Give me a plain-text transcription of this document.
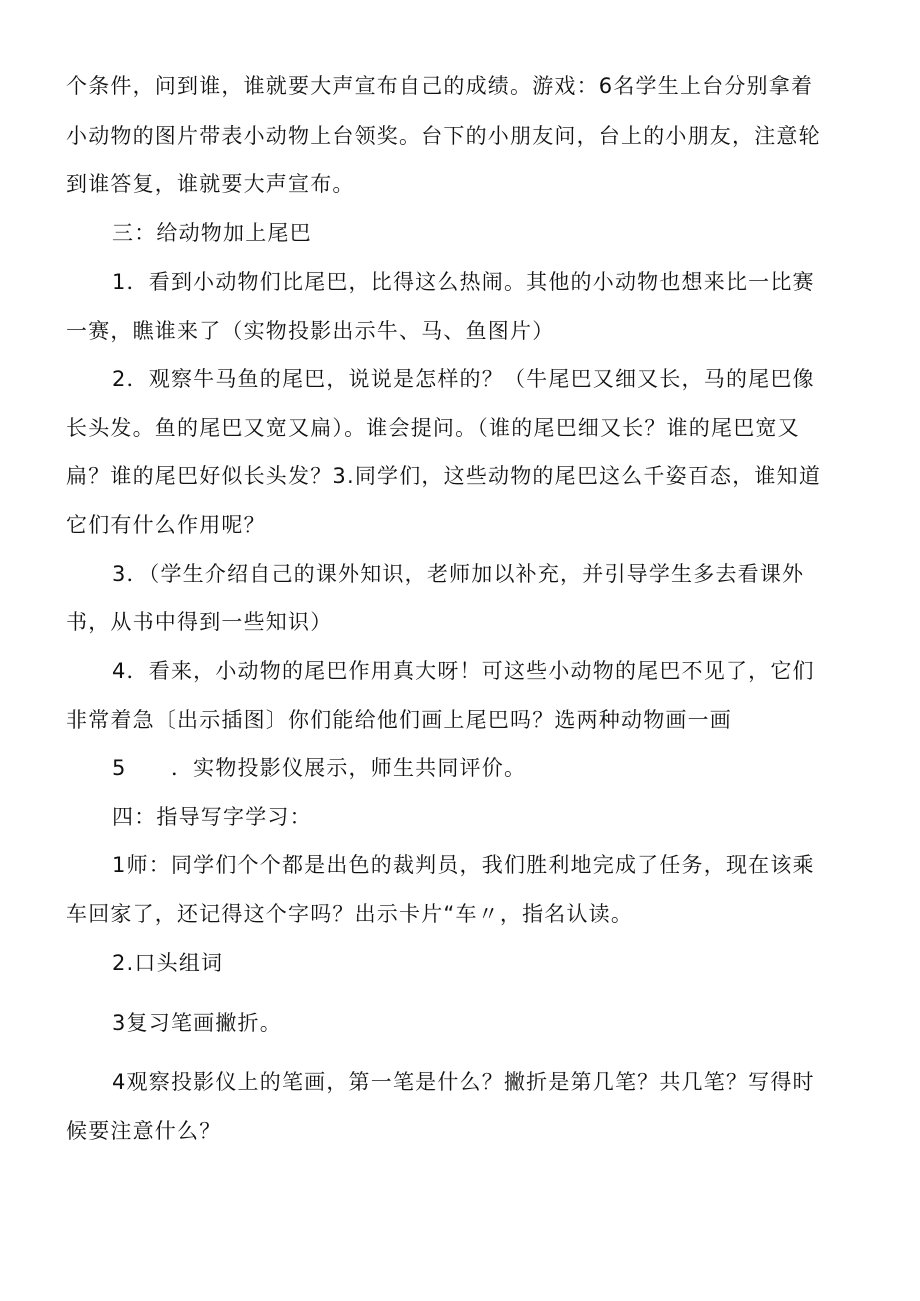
个条件，问到谁，谁就要大声宣布自己的成绩。游戏：6名学生上台分别拿着
小动物的图片带表小动物上台领奖。台下的小朋友问，台上的小朋友，注意轮
到谁答复，谁就要大声宣布。
三：给动物加上尾巴
1．看到小动物们比尾巴，比得这么热闹。其他的小动物也想来比一比赛
一赛，瞧谁来了（实物投影出示牛、马、鱼图片）
2．观察牛马鱼的尾巴，说说是怎样的？（牛尾巴又细又长，马的尾巴像
长头发。鱼的尾巴又宽又扁）。谁会提问。（谁的尾巴细又长？谁的尾巴宽又
扁？谁的尾巴好似长头发？3.同学们，这些动物的尾巴这么千姿百态，谁知道
它们有什么作用呢？
3．（学生介绍自己的课外知识，老师加以补充，并引导学生多去看课外
书，从书中得到一些知识）
4．看来，小动物的尾巴作用真大呀！可这些小动物的尾巴不见了，它们
非常着急〔出示插图〕你们能给他们画上尾巴吗？选两种动物画一画
5　　．实物投影仪展示，师生共同评价。
四：指导写字学习：
1师：同学们个个都是出色的裁判员，我们胜利地完成了任务，现在该乘
车回家了，还记得这个字吗？出示卡片“车〃，指名认读。
2.口头组词
3复习笔画撇折。
4观察投影仪上的笔画，第一笔是什么？撇折是第几笔？共几笔？写得时
候要注意什么？
